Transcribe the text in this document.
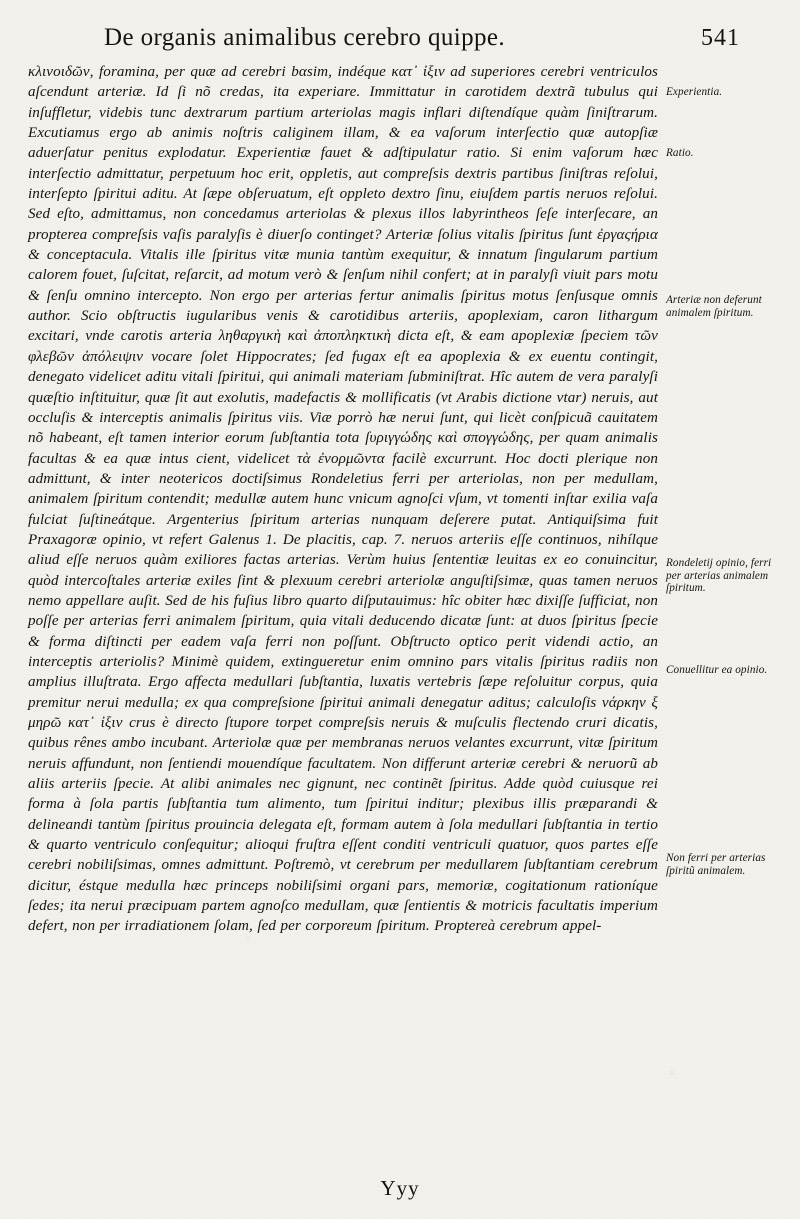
De organis animalibus cerebro quippe.	541

κλινοιδῶν, foramina, per quæ ad cerebri bαsim, indéque κατ᾽ ἰξιν ad superiores cerebri ventriculos aſcendunt arteriæ. Id ſi nõ credas, ita experiare. Immittatur in carotidem dextrã tubulus qui inſuffletur, videbis tunc dextrarum partium arteriolas magis inflari diſtendíque quàm ſiniſtrarum. Excutiamus ergo ab animis noſtris caliginem illam, & ea vaſorum interſectio quæ autopſiæ aduerſatur penitus explodatur. Experientiæ fauet & adſtipulatur ratio. Si enim vaſorum hæc interſectio admittatur, perpetuum hoc erit, oppletis, aut compreſsis dextris partibus ſiniſtras reſolui, interſepto ſpiritui aditu. At ſæpe obſeruatum, eſt oppleto dextro ſinu, eiuſdem partis neruos reſolui. Sed eſto, admittamus, non concedamus arteriolas & plexus illos labyrintheos ſeſe interſecare, an propterea compreſsis vaſis paralyſis è diuerſo continget? Arteriæ ſolius vitalis ſpiritus ſunt ἐργαςήρια & conceptacula. Vitalis ille ſpiritus vitæ munia tantùm exequitur, & innatum ſingularum partium calorem fouet, ſuſcitat, reſarcit, ad motum verò & ſenſum nihil confert; at in paralyſi viuit pars motu & ſenſu omnino intercepto. Non ergo per arterias fertur animalis ſpiritus motus ſenſusque omnis author. Scio obſtructis iugularibus venis & carotidibus arteriis, apoplexiam, caron lithargum excitari, vnde carotis arteria ληθαργικὴ καὶ ἀποπληκτικὴ dicta eſt, & eam apoplexiæ ſpeciem τῶν φλεβῶν ἀπόλειψιν vocare ſolet Hippocrates; ſed fugax eſt ea apoplexia & ex euentu contingit, denegato videlicet aditu vitali ſpiritui, qui animali materiam ſubminiſtrat. Hîc autem de vera paralyſi quæſtio inſtituitur, quæ ſit aut exolutis, madefactis & mollificatis (vt Arabis dictione vtar) neruis, aut occluſis & interceptis animalis ſpiritus viis. Viæ porrò hæ nerui ſunt, qui licèt conſpicuã cauitatem nõ habeant, eſt tamen interior eorum ſubſtantia tota ſυριγγώδης καὶ σπογγώδης, per quam animalis facultas & ea quæ intus cient, videlicet τὰ ἐνορμῶντα facilè excurrunt. Hoc docti plerique non admittunt, & inter neotericos doctiſsimus Rondeletius ferri per arteriolas, non per medullam, animalem ſpiritum contendit; medullæ autem hunc vnicum agnoſci vſum, vt tomenti inſtar exilia vaſa fulciat ſuſtineátque. Argenterius ſpiritum arterias nunquam deſerere putat. Antiquiſsima fuit Praxagoræ opinio, vt refert Galenus 1. De placitis, cap. 7. neruos arteriis eſſe continuos, nihílque aliud eſſe neruos quàm exiliores factas arterias. Verùm huius ſententiæ leuitas ex eo conuincitur, quòd intercoſtales arteriæ exiles ſint & plexuum cerebri arteriolæ anguſtiſsimæ, quas tamen neruos nemo appellare auſit. Sed de his fuſius libro quarto diſputauimus: hîc obiter hæc dixiſſe ſufficiat, non poſſe per arterias ferri animalem ſpiritum, quia vitali deducendo dicatæ ſunt: at duos ſpiritus ſpecie & forma diſtincti per eadem vaſa ferri non poſſunt. Obſtructo optico perit videndi actio, an interceptis arteriolis? Minimè quidem, extingueretur enim omnino pars vitalis ſpiritus radiis non amplius illuſtrata. Ergo affecta medullari ſubſtantia, luxatis vertebris ſæpe reſoluitur corpus, quia premitur nerui medulla; ex qua compreſsione ſpiritui animali denegatur aditus; calculoſis νάρκην ξ μηρῶ κατ᾽ ἰξιν crus è directo ſtupore torpet compreſsis neruis & muſculis flectendo cruri dicatis, quibus rênes ambo incubant. Arteriolæ quæ per membranas neruos velantes excurrunt, vitæ ſpiritum neruis affundunt, non ſentiendi mouendíque facultatem. Non differunt arteriæ cerebri & neruorũ ab aliis arteriis ſpecie. At alibi animales nec gignunt, nec continẽt ſpiritus. Adde quòd cuiusque rei forma à ſola partis ſubſtantia tum alimento, tum ſpiritui inditur; plexibus illis præparandi & delineandi tantùm ſpiritus prouincia delegata eſt, formam autem à ſola medullari ſubſtantia in tertio & quarto ventriculo conſequitur; alioqui fruſtra eſſent conditi ventriculi quatuor, quos partes eſſe cerebri nobiliſsimas, omnes admittunt. Poſtremò, vt cerebrum per medullarem ſubſtantiam cerebrum dicitur, éstque medulla hæc princeps nobiliſsimi organi pars, memoriæ, cogitationum rationíque ſedes; ita nerui præcipuam partem agnoſco medullam, quæ ſentientis & motricis facultatis imperium defert, non per irradiationem ſolam, ſed per corporeum ſpiritum. Proptereà cerebrum appel-

Experientia.
Ratio.
Arteriæ non deferunt animalem ſpiritum.
Rondeletij opinio, ferri per arterias animalem ſpiritum.
Conuellitur ea opinio.
Non ferri per arterias ſpiritũ animalem.
Yyy
